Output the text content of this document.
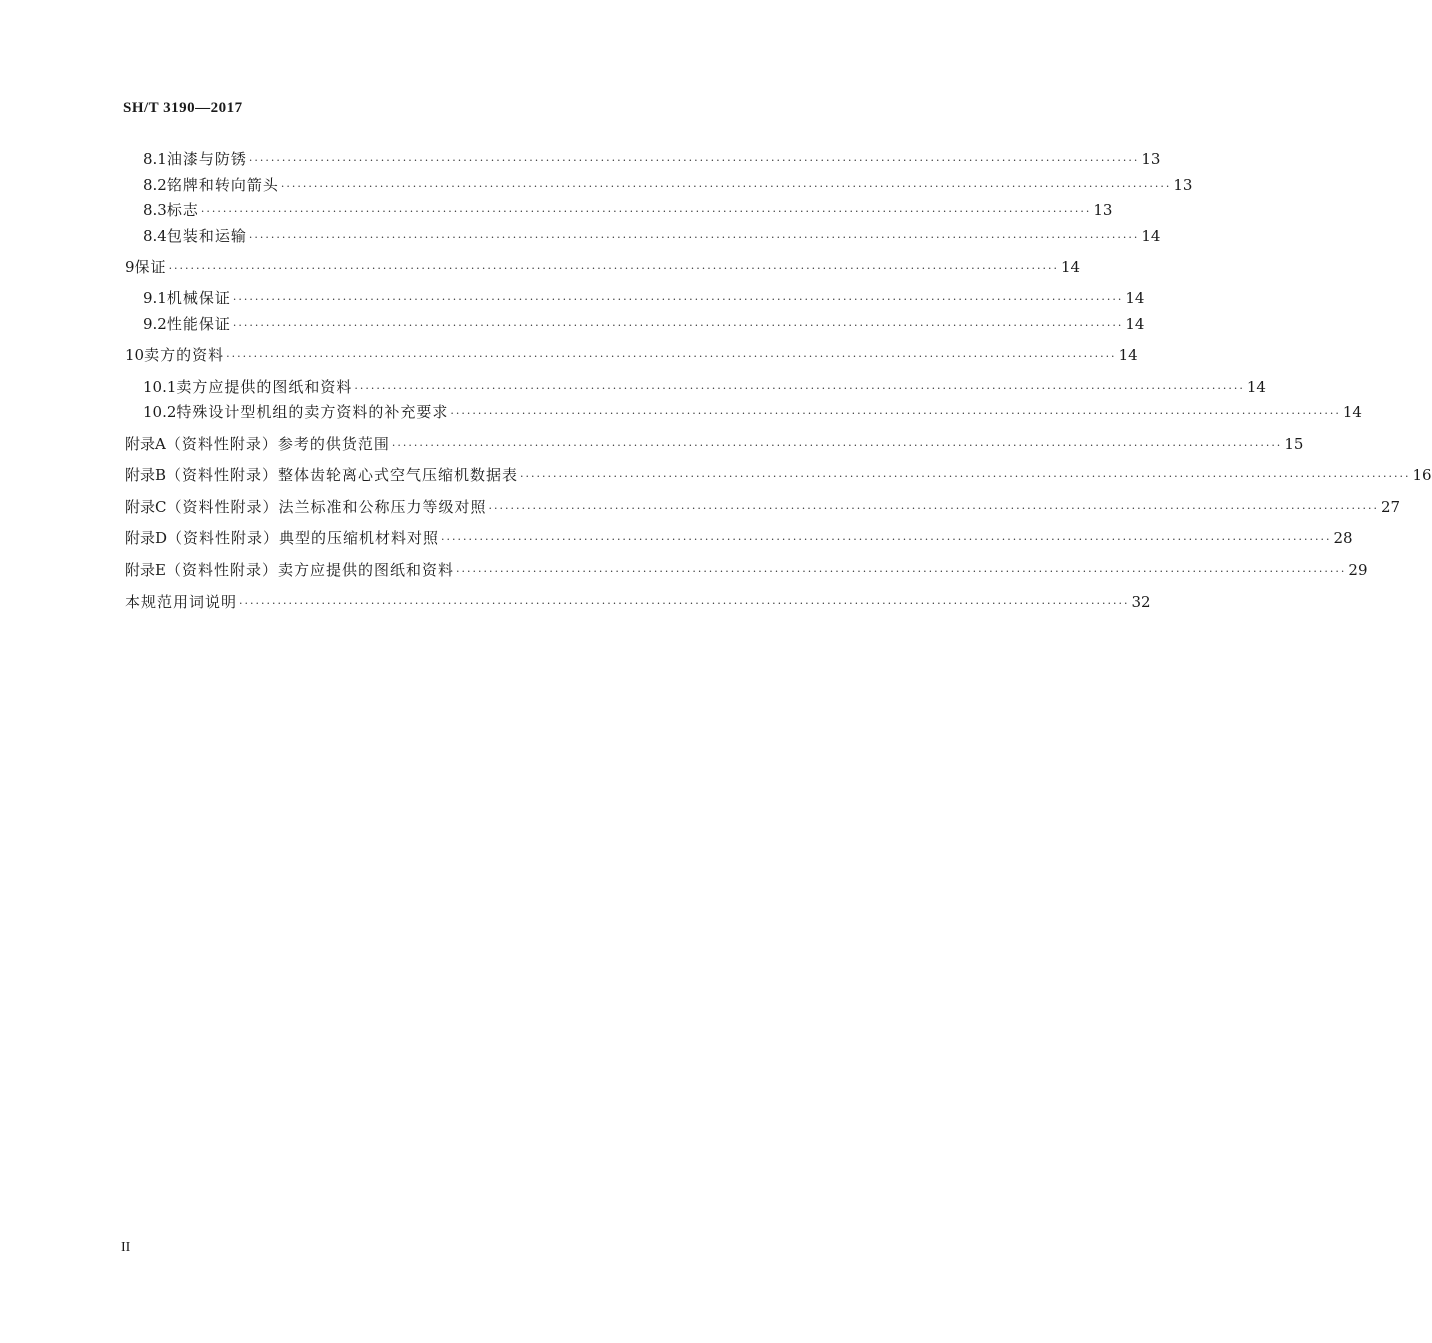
SH/T 3190—2017
8.1 油漆与防锈 ·································································································································································· 13
8.2 铭牌和转向箭头 ·································································································································································· 13
8.3 标志 ·································································································································································· 13
8.4 包装和运输 ·································································································································································· 14
9 保证 ·································································································································································· 14
9.1 机械保证 ·································································································································································· 14
9.2 性能保证 ·································································································································································· 14
10 卖方的资料 ·································································································································································· 14
10.1 卖方应提供的图纸和资料 ·································································································································································· 14
10.2 特殊设计型机组的卖方资料的补充要求 ·································································································································································· 14
附录A （资料性附录）参考的供货范围 ·································································································································································· 15
附录B （资料性附录）整体齿轮离心式空气压缩机数据表 ·································································································································································· 16
附录C （资料性附录）法兰标准和公称压力等级对照 ·································································································································································· 27
附录D （资料性附录）典型的压缩机材料对照 ·································································································································································· 28
附录E （资料性附录）卖方应提供的图纸和资料 ·································································································································································· 29
本规范用词说明 ·································································································································································· 32
II
